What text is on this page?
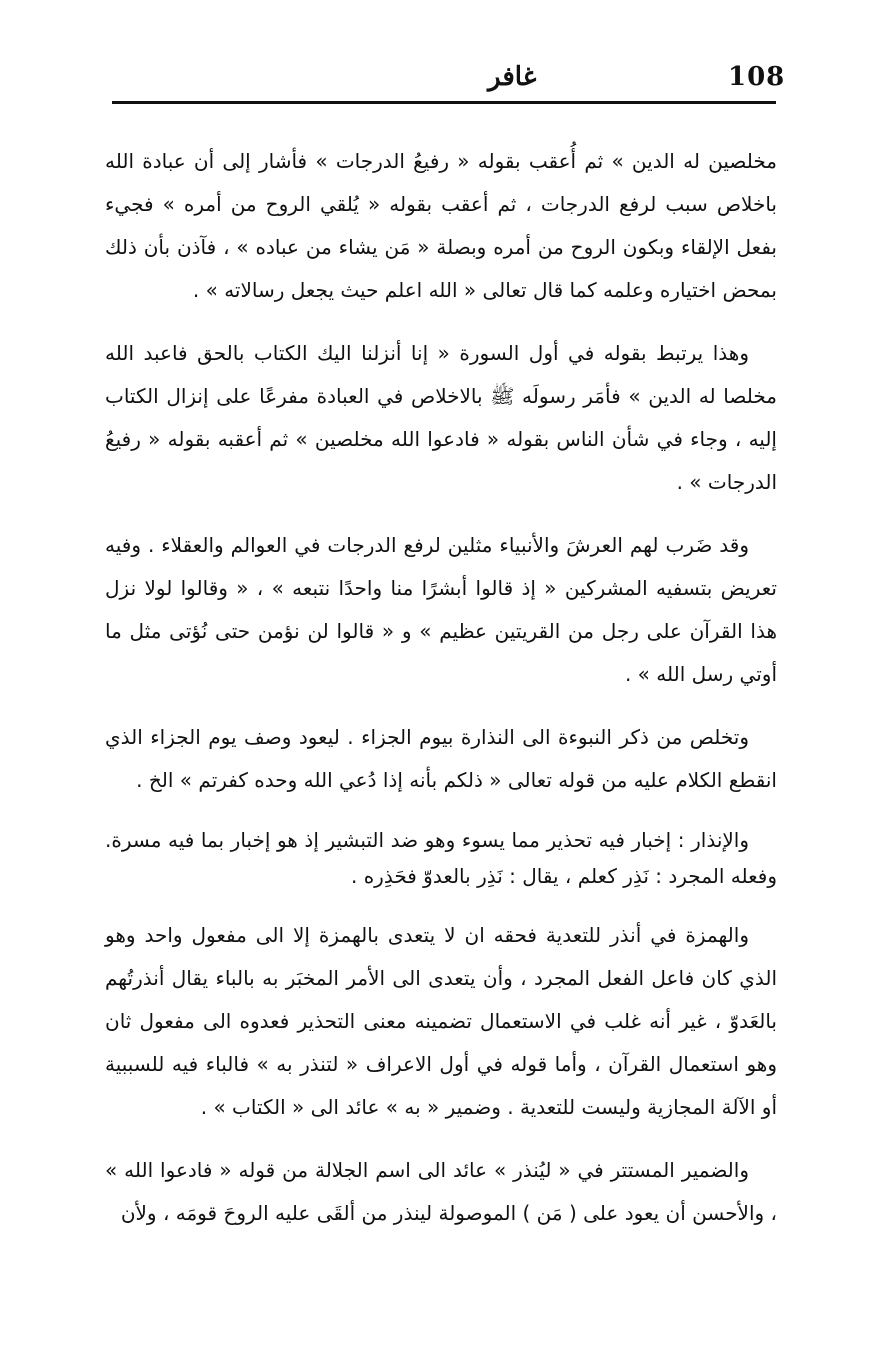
108
غافر

مخلصين له الدين » ثم أُعقب بقوله « رفيعُ الدرجات » فأشار إلى أن عبادة الله باخلاص سبب لرفع الدرجات ، ثم أعقب بقوله « يُلقي الروح من أمره » فجيء بفعل الإلقاء وبكون الروح من أمره وبصلة « مَن يشاء من عباده » ، فآذن بأن ذلك بمحض اختياره وعلمه كما قال تعالى « الله اعلم حيث يجعل رسالاته » .

وهذا يرتبط بقوله في أول السورة « إنا أنزلنا اليك الكتاب بالحق فاعبد الله مخلصا له الدين » فأمَر رسولَه ﷺ بالاخلاص في العبادة مفرعًا على إنزال الكتاب إليه ، وجاء في شأن الناس بقوله « فادعوا الله مخلصين » ثم أعقبه بقوله « رفيعُ الدرجات » .

وقد ضَرب لهم العرشَ والأنبياء مثلين لرفع الدرجات في العوالم والعقلاء . وفيه تعريض بتسفيه المشركين « إذ قالوا أبشرًا منا واحدًا نتبعه » ، « وقالوا لولا نزل هذا القرآن على رجل من القريتين عظيم » و « قالوا لن نؤمن حتى نُؤتى مثل ما أوتي رسل الله » .

وتخلص من ذكر النبوءة الى النذارة بيوم الجزاء . ليعود وصف يوم الجزاء الذي انقطع الكلام عليه من قوله تعالى « ذلكم بأنه إذا دُعي الله وحده كفرتم » الخ .

والإنذار : إخبار فيه تحذير مما يسوء وهو ضد التبشير إذ هو إخبار بما فيه مسرة. وفعله المجرد : نَذِر كعلم ، يقال : نَذِر بالعدوّ فحَذِره .

والهمزة في أنذر للتعدية فحقه ان لا يتعدى بالهمزة إلا الى مفعول واحد وهو الذي كان فاعل الفعل المجرد ، وأن يتعدى الى الأمر المخبَر به بالباء يقال أنذرتُهم بالعَدوّ ، غير أنه غلب في الاستعمال تضمينه معنى التحذير فعدوه الى مفعول ثان وهو استعمال القرآن ، وأما قوله في أول الاعراف « لتنذر به » فالباء فيه للسببية أو الآلة المجازية وليست للتعدية . وضمير « به » عائد الى « الكتاب » .

والضمير المستتر في « ليُنذر » عائد الى اسم الجلالة من قوله « فادعوا الله » ، والأحسن أن يعود على ( مَن ) الموصولة لينذر من ألقَى عليه الروحَ قومَه ، ولأن
